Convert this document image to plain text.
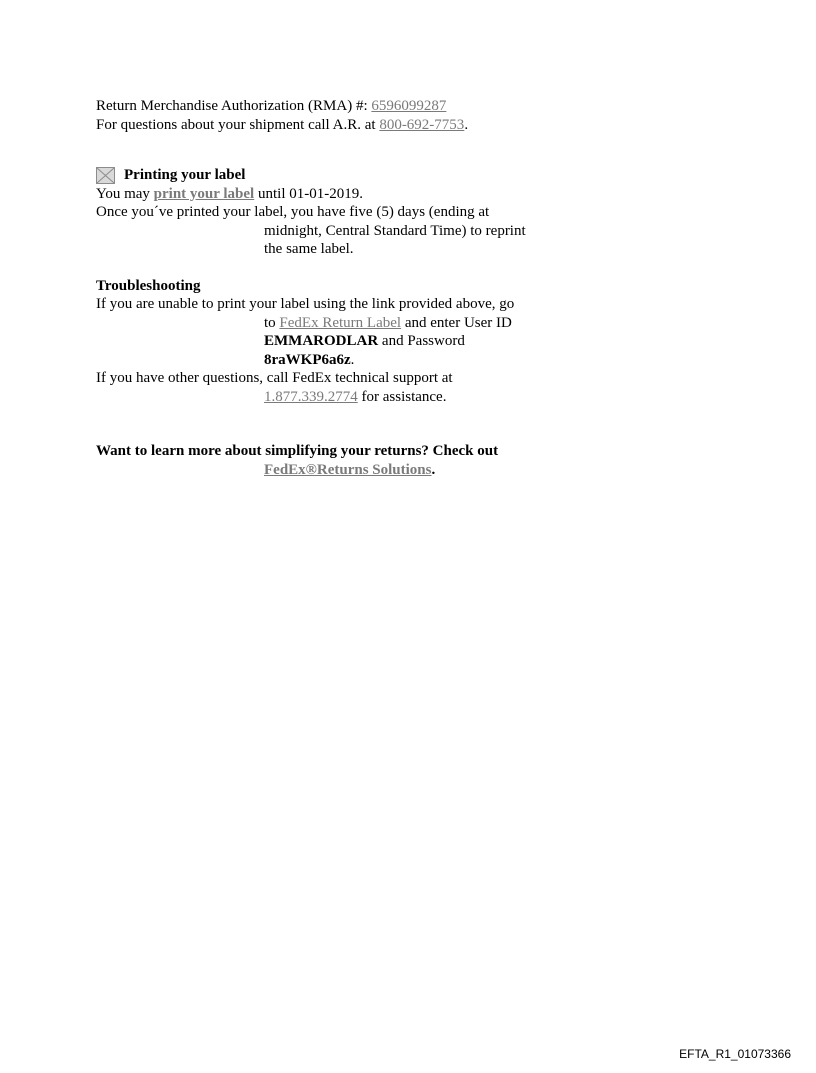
Return Merchandise Authorization (RMA) #: 6596099287
For questions about your shipment call A.R. at 800-692-7753.
Printing your label
You may print your label until 01-01-2019.
Once you´ve printed your label, you have five (5) days (ending at
midnight, Central Standard Time) to reprint
the same label.
Troubleshooting
If you are unable to print your label using the link provided above, go
to FedEx Return Label and enter User ID
EMMARODLAR and Password
8raWKP6a6z.
If you have other questions, call FedEx technical support at
1.877.339.2774 for assistance.
Want to learn more about simplifying your returns? Check out
FedEx®Returns Solutions.
EFTA_R1_01073366
